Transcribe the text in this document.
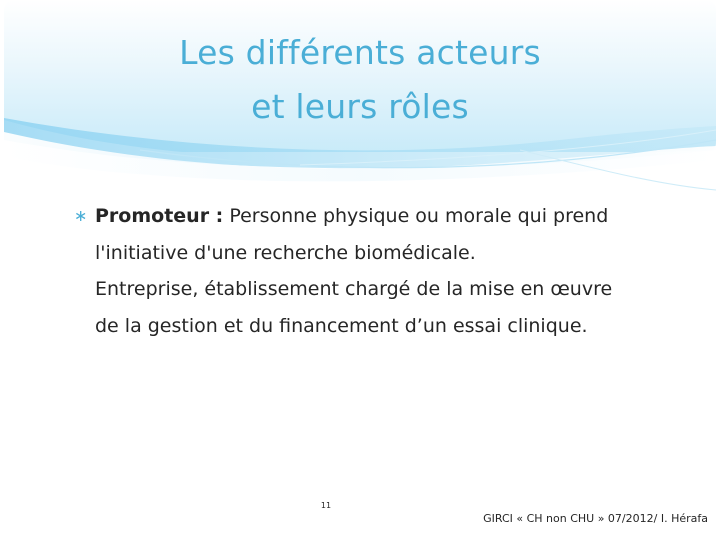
Les différents acteurs
et leurs rôles
∗ Promoteur : Personne physique ou morale qui prend
l'initiative d'une recherche biomédicale.
Entreprise, établissement chargé de la mise en œuvre
de la gestion et du financement d’un essai clinique.
11
GIRCI « CH non CHU » 07/2012/ I. Hérafa
